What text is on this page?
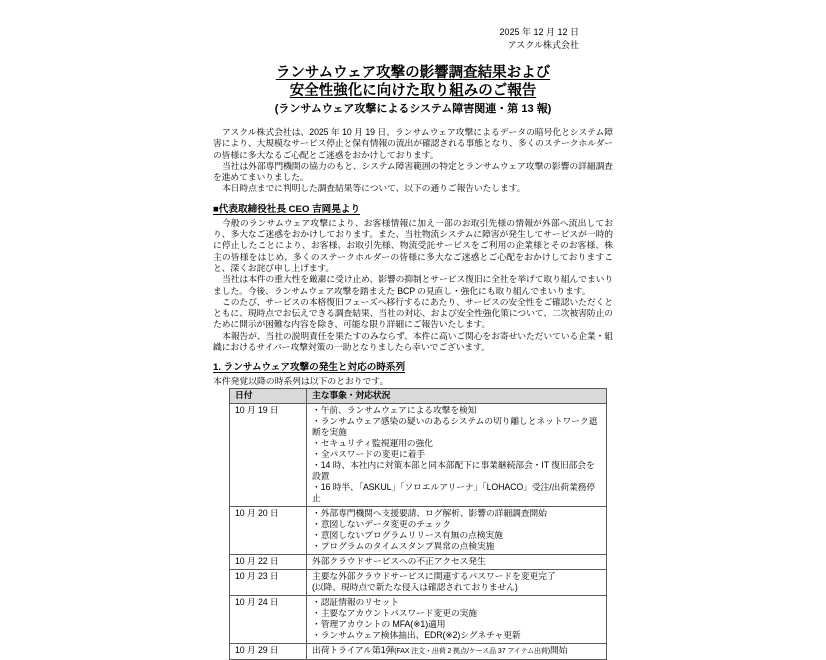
2025 年 12 月 12 日
アスクル株式会社
ランサムウェア攻撃の影響調査結果および
安全性強化に向けた取り組みのご報告
(ランサムウェア攻撃によるシステム障害関連・第 13 報)

アスクル株式会社は、2025 年 10 月 19 日、ランサムウェア攻撃によるデータの暗号化とシステム障害により、大規模なサービス停止と保有情報の流出が確認される事態となり、多くのステークホルダーの皆様に多大なるご心配とご迷惑をおかけしております。

当社は外部専門機関の協力のもと、システム障害範囲の特定とランサムウェア攻撃の影響の詳細調査を進めてまいりました。

本日時点までに判明した調査結果等について、以下の通りご報告いたします。

■代表取締役社長 CEO 吉岡晃より

今般のランサムウェア攻撃により、お客様情報に加え一部のお取引先様の情報が外部へ流出しており、多大なご迷惑をおかけしております。また、当社物流システムに障害が発生してサービスが一時的に停止したことにより、お客様、お取引先様、物流受託サービスをご利用の企業様とそのお客様、株主の皆様をはじめ、多くのステークホルダーの皆様に多大なご迷惑とご心配をおかけしておりますこと、深くお詫び申し上げます。

当社は本件の重大性を厳粛に受け止め、影響の抑制とサービス復旧に全社を挙げて取り組んでまいりました。今後、ランサムウェア攻撃を踏まえた BCP の見直し・強化にも取り組んでまいります。

このたび、サービスの本格復旧フェーズへ移行するにあたり、サービスの安全性をご確認いただくとともに、現時点でお伝えできる調査結果、当社の対応、および安全性強化策について、二次被害防止のために開示が困難な内容を除き、可能な限り詳細にご報告いたします。

本報告が、当社の説明責任を果たすのみならず、本件に高いご関心をお寄せいただいている企業・組織におけるサイバー攻撃対策の一助となりましたら幸いでございます。

1. ランサムウェア攻撃の発生と対応の時系列
本件発覚以降の時系列は以下のとおりです。
日付	主な事象・対応状況
10 月 19 日	・午前、ランサムウェアによる攻撃を検知
・ランサムウェア感染の疑いのあるシステムの切り離しとネットワーク遮断を実施
・セキュリティ監視運用の強化
・全パスワードの変更に着手
・14 時、本社内に対策本部と同本部配下に事業継続部会・IT 復旧部会を設置
・16 時半、「ASKUL」「ソロエルアリーナ」「LOHACO」受注/出荷業務停止

10 月 20 日	・外部専門機関へ支援要請、ログ解析、影響の詳細調査開始
・意図しないデータ変更のチェック
・意図しないプログラムリリース有無の点検実施
・プログラムのタイムスタンプ異常の点検実施

10 月 22 日	外部クラウドサービスへの不正アクセス発生

10 月 23 日	主要な外部クラウドサービスに関連するパスワードを変更完了
(以降、現時点で新たな侵入は確認されておりません)

10 月 24 日	・認証情報のリセット
・主要なアカウントパスワード変更の実施
・管理アカウントの MFA(※1)適用
・ランサムウェア検体抽出、EDR(※2)シグネチャ更新

10 月 29 日	出荷トライアル第1弾(FAX 注文・出荷 2 拠点/ケース品 37 アイテム出荷)開始
